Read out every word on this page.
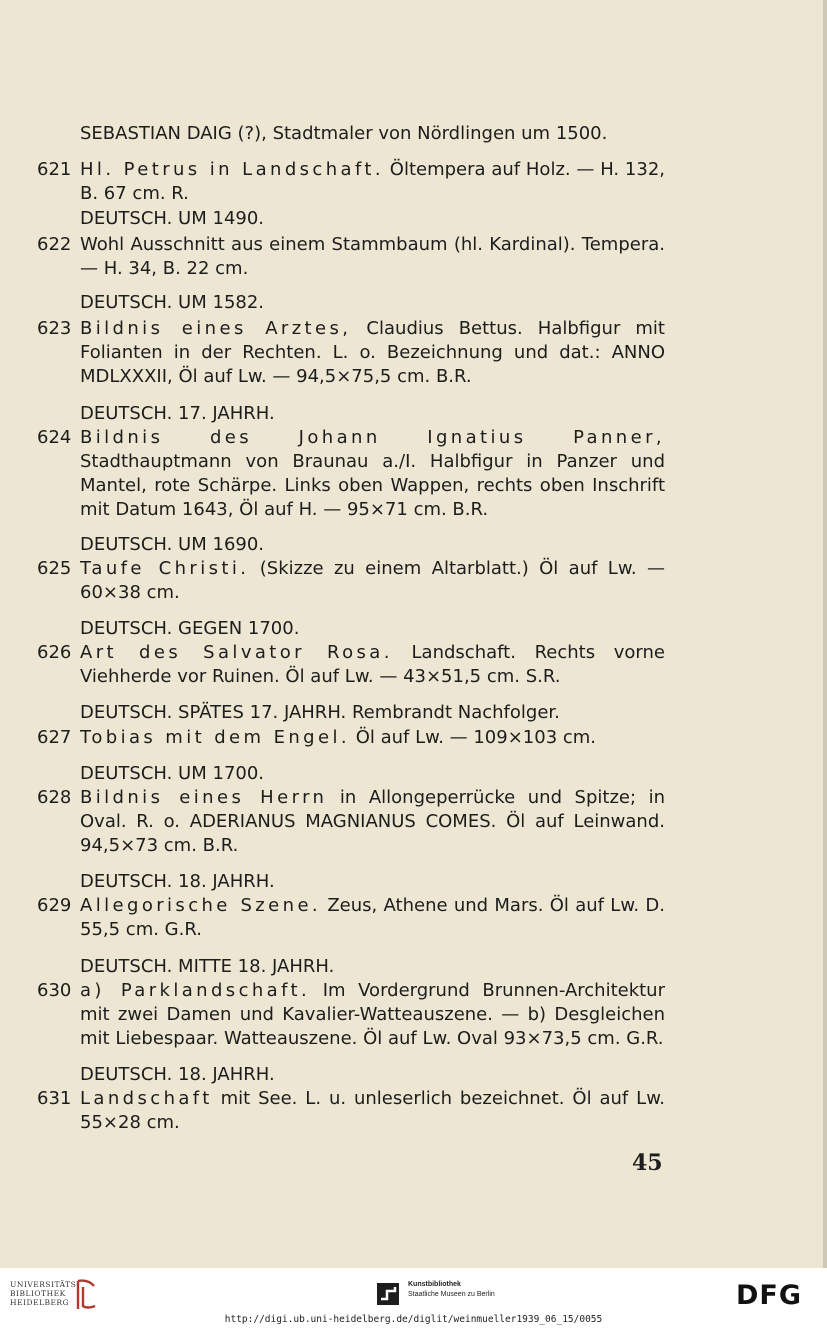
SEBASTIAN DAIG (?), Stadtmaler von Nördlingen um 1500.
621 Hl. Petrus in Landschaft. Öltempera auf Holz. — H. 132, B. 67 cm. R.
DEUTSCH. UM 1490.
622 Wohl Ausschnitt aus einem Stammbaum (hl. Kardinal). Tempera. — H. 34, B. 22 cm.
DEUTSCH. UM 1582.
623 Bildnis eines Arztes, Claudius Bettus. Halbfigur mit Folianten in der Rechten. L. o. Bezeichnung und dat.: ANNO MDLXXXII, Öl auf Lw. — 94,5×75,5 cm. B.R.
DEUTSCH. 17. JAHRH.
624 Bildnis des Johann Ignatius Panner, Stadthauptmann von Braunau a./I. Halbfigur in Panzer und Mantel, rote Schärpe. Links oben Wappen, rechts oben Inschrift mit Datum 1643, Öl auf H. — 95×71 cm. B.R.
DEUTSCH. UM 1690.
625 Taufe Christi. (Skizze zu einem Altarblatt.) Öl auf Lw. — 60×38 cm.
DEUTSCH. GEGEN 1700.
626 Art des Salvator Rosa. Landschaft. Rechts vorne Viehherde vor Ruinen. Öl auf Lw. — 43×51,5 cm. S.R.
DEUTSCH. SPÄTES 17. JAHRH. Rembrandt Nachfolger.
627 Tobias mit dem Engel. Öl auf Lw. — 109×103 cm.
DEUTSCH. UM 1700.
628 Bildnis eines Herrn in Allongeperrücke und Spitze; in Oval. R. o. ADERIANUS MAGNIANUS COMES. Öl auf Leinwand. 94,5×73 cm. B.R.
DEUTSCH. 18. JAHRH.
629 Allegorische Szene. Zeus, Athene und Mars. Öl auf Lw. D. 55,5 cm. G.R.
DEUTSCH. MITTE 18. JAHRH.
630 a) Parklandschaft. Im Vordergrund Brunnen-Architektur mit zwei Damen und Kavalier-Watteauszene. — b) Desgleichen mit Liebespaar. Watteauszene. Öl auf Lw. Oval 93×73,5 cm. G.R.
DEUTSCH. 18. JAHRH.
631 Landschaft mit See. L. u. unleserlich bezeichnet. Öl auf Lw. 55×28 cm.
45
UNIVERSITÄTS-
BIBLIOTHEK
HEIDELBERG
Kunstbibliothek
Staatliche Museen zu Berlin	DFG
http://digi.ub.uni-heidelberg.de/diglit/weinmueller1939_06_15/0055
